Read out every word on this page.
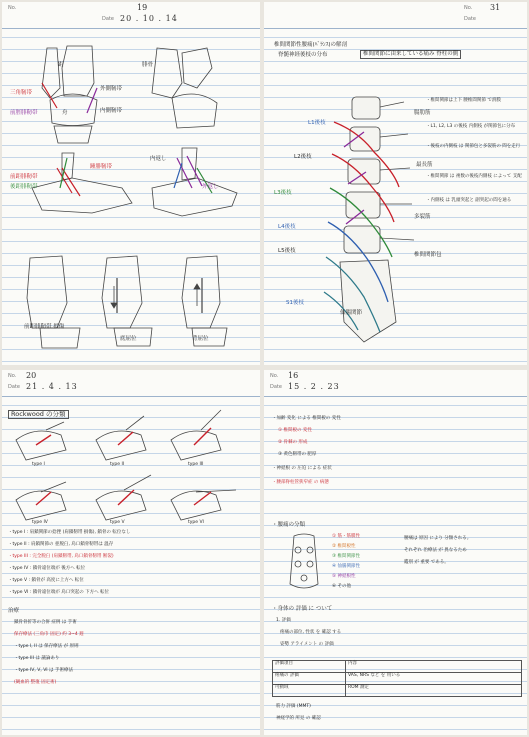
No.	19
Date 20 . 10 . 14
距
舟
腓骨
三角靭帯
前脛腓靭帯
外側靭帯
内側靭帯
前距腓靭帯
後距腓靭帯
踵腓靭帯
内返し
外返し
前距腓靭帯 損傷
底屈位	背屈位
No. 31
Date
椎間関節性腰痛(ﾊﾞﾗﾝｽ)の解剖
脊髄神経後枝の分布	椎間関節に由来している痛み 脊柱の側
L1後枝
L2後枝
L3後枝
L4後枝
L5後枝
S1後枝
腸肋筋
最長筋
多裂筋
椎間関節包
・椎間関節は上下 腰椎間関節 で滑膜
・L1, L2, L3 の後枝 内側枝 が関節包に分布
・後枝の内側枝 は 関節包と多裂筋の 間を走行
・椎間関節 は 複数の後枝内側枝 によって 支配
・内側枝 は 乳頭突起と 副突起の間を通る
仙腸関節
No. 20
Date 21 . 4 . 13
Rockwood の分類
type I	type II	type III
type IV	type V	type VI
・type I : 肩鎖関節の捻挫 (肩鎖靭帯 損傷), 鎖骨の 転位なし
・type II : 肩鎖関節の 亜脱臼, 烏口鎖骨靭帯は 温存
・type III : 完全脱臼 (肩鎖靭帯, 烏口鎖骨靭帯 断裂)
・type IV : 鎖骨遠位端が 後方へ 転位
・type V : 鎖骨が 高度に上方へ 転位
・type VI : 鎖骨遠位端が 烏口突起の 下方へ 転位
治療
鎖骨骨折等の合併 症例 は 手術
保存療法 (三角巾 固定) 約 3~4 週
・type I, II は 保存療法 が 原則
・type III は 議論あり
・type IV, V, VI は 手術療法
(観血的 整復 固定術)
No. 16
Date 15 . 2 . 23
・加齢 変化 による 椎間板の 変性
① 椎間板の 変性
② 骨棘の 形成
③ 黄色靭帯の 肥厚
・神経根 の 圧迫 による 症状
・腰部脊柱管狭窄症 の 病態
・腰痛の分類
① 筋・筋膜性
② 椎間板性
③ 椎間関節性
④ 仙腸関節性
⑤ 神経根性
⑥ その他
腰痛は 原因 により 分類される。
それぞれ 治療法 が 異なるため
鑑別 が 重要 である。
・身体の 評価 に ついて
1. 評価
疼痛の部位, 性状 を 確認 する
姿勢 アライメント の 評価
評価項目	内容
疼痛の 評価	VAS, NRS など を 用いる
可動域	ROM 測定
筋力 評価 (MMT)
神経学的 所見 の 確認
